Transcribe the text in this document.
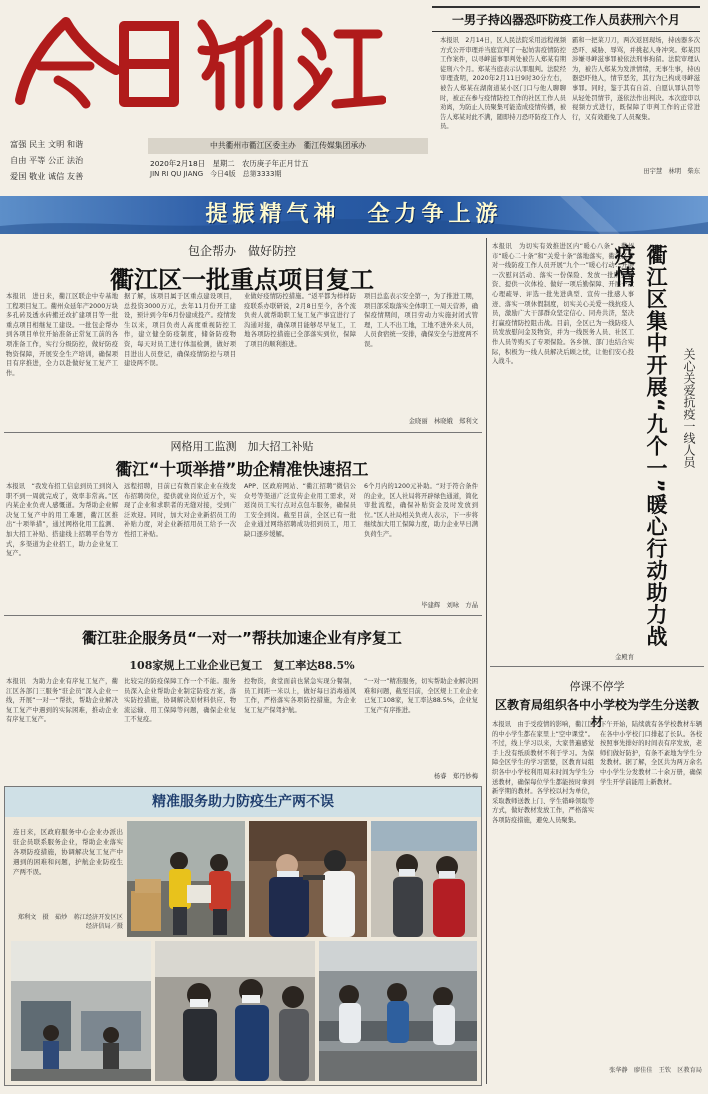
富强 民主 文明 和谐
自由 平等 公正 法治
爱国 敬业 诚信 友善
中共衢州市衢江区委主办　衢江传媒集团承办
2020年2月18日　星期二　农历庚子年正月廿五
JIN RI QU JIANG　今日4版　总第3333期
一男子持凶器恐吓防疫工作人员获刑六个月
本报讯　2月14日，区人民法院采用远程视频方式公开审理并当庭宣判了一起妨害疫情防控工作案件，以寻衅滋事罪判处被告人郑某有期徒刑六个月。郑某当庭表示认罪服判。法院经审理查明，2020年2月11日9时30分左右，被告人郑某在湖南道某小区门口与他人聊聊时，被正在参与疫情防控工作的社区工作人员劝离，为防止人员聚集可能造成疫情传播，被告人郑某对此不满，随即持刀恐吓防疫工作人员。
霸和一把菜刀刀，两次返回现场，持凶器多次恐吓、威胁、辱骂，并挑起人身冲突。郑某因涉嫌寻衅滋事罪被依法刑事拘留。法院审理认为，被告人郑某为发泄情绪，无事生事，持凶器恐吓他人，情节恶劣，其行为已构成寻衅滋事罪。同时，鉴于其有自首、自愿认罪认罚等从轻处罚情节，遂依法作出判决。本次庭审以视频方式进行，既保障了审判工作的正常进行，又有效避免了人员聚集。
田宇慧　林明　柴东
提振精气神　全力争上游
包企帮办　做好防控
衢江区一批重点项目复工
本报讯　进日来，衢江区联企中专基地工程项目复工。衢州众延年产2000万块多孔砖及透水砖搬迁改扩建项目等一批重点项目相继复工建设。一批包企帮办到各项目单位开始准备正常复工前的各项准备工作，实行分级防控，做好防疫物资保障，开展安全生产培训，确保项目有序推进，全力以赴做好复工复产工作。
据了解，该项目属于区重点建设项目，总投资3000万元，去年11月份开工建设，预计到今年6月份建成投产。疫情发生以来，项目负责人高度重视防控工作，建立健全防疫制度，储备防疫物资，每天对员工进行体温检测，做好项目进出人员登记，确保疫情防控与项目建设两不误。
业做好疫情防控措施。“返平都为样样防疫联系办联研说，2月8日至今，各个流负责人就帮助职工复工复产事宜进行了沟通对接，确保项目能够尽早复工，工地各项防控措施已全部落实到位，保障了项目的顺利推进。
项目总监表示安全第一，为了推进工期，项目部采取落实全体职工一周天营养，确保疫情期间，项目劳动力实施封闭式管理，工人不出工地，工地不进外来人员，人员食宿统一安排，确保安全与进度两不误。
金晓丽　林晓娥　郑利文
网格用工监测　加大招工补贴
衢江“十项举措”助企精准快速招工
本报讯　“我发布招工信息到员工到岗入职不到一周就完成了，效率非常高。”区内某企业负责人感慨道。为帮助企业解决复工复产中的用工难题，衢江区推出“十项举措”，通过网格化用工监测、加大招工补贴、搭建线上招聘平台等方式，多渠道为企业招工，助力企业复工复产。
远程招聘，目前已有数百家企业在线发布招聘岗位，提供就业岗位近万个，实现了企业和求职者的无缝对接，受到广泛欢迎。同时，加大对企业新招员工的补贴力度，对企业新招用员工给予一次性招工补贴。
APP、区政府网站、“衢江招聘”微信公众号等渠道广泛宣传企业用工需求，对返岗员工实行点对点包车服务，确保员工安全到岗。截至目前，全区已有一批企业通过网络招聘成功招到员工，用工缺口逐步缓解。
6个月内的1200元补助。“对于符合条件的企业，区人社局将开辟绿色通道，简化审批流程，确保补贴资金及时发放到位。”区人社局相关负责人表示，下一步将继续加大用工保障力度，助力企业早日满负荷生产。
毕建辉　刘咏　方晶
衢江驻企服务员“一对一”帮扶加速企业有序复工
108家规上工业企业已复工　复工率达88.5%
本报讯　为助力企业有序复工复产，衢江区各部门三服务“驻企员”深入企业一线，开展“一对一”帮扶，帮助企业解决复工复产中遇到的实际困难，推动企业有序复工复产。
比较完的防疫保障工作一个不能。服务员深入企业帮助企业制定防疫方案，落实防控措施，协调解决原材料供应、物流运输、用工保障等问题，确保企业复工不复疫。
控物资，食堂面前也紧急实现分餐制，员工间距一米以上，做好每日消毒通风工作，严格落实各项防控措施，为企业复工复产保驾护航。
“一对一”精准服务，切实帮助企业解决困难和问题，截至目前，全区规上工业企业已复工108家，复工率达88.5%，企业复工复产有序推进。
杨睿　郑丹妙梅
精准服务助力防疫生产两不误
连日来，区政府服务中心企业办派出驻企员联系服务企业，帮助企业落实各项防疫措施，协调解决复工复产中遇到的困难和问题，护航企业防疫生产两不误。
郑利文　摄　茹炒　蒋江经济开发区区经济信局／摄
本报讯　为切实有效推进区内“暖心八条”，衢州市“暖心二十条”和“关爱十条”落地落实，衢江区针对一线防疫工作人员开展“九个一”暖心行动：开展一次慰问活动、落实一份保险、发放一批防护物资、提供一次体检、做好一项后勤保障、开展一次心理疏导、评选一批先进典型、宣传一批感人事迹、落实一项休假制度，切实关心关爱一线抗疫人员，激励广大干部群众坚定信心、同舟共济，坚决打赢疫情防控阻击战。目前，全区已为一线防疫人员发放慰问金及物资，并为一线医务人员、社区工作人员等购买了专项保险。各乡镇、部门也结合实际，积极为一线人员解决后顾之忧，让他们安心投入战斗。
金殿育
衢江区集中开展“九个一”暖心行动助力战疫情
关心关爱抗疫一线人员
停课不停学
区教育局组织各中小学校为学生分送教材
本报讯　由于受疫情的影响，衢江区的中小学生都在家里上“空中课堂”。不过，线上学习以来，大家普遍感觉手上没有纸质教材不利于学习。为保障全区学生的学习需要，区教育局组织各中小学校利用周末时间为学生分送教材，确保每位学生都能按时拿到新学期的教材。各学校以村为单位，采取教师送教上门、学生错峰领取等方式，做好教材发放工作，严格落实各项防疫措施，避免人员聚集。
下午开始，陆续就有各学校教材车辆在各中小学校门口排起了长队。各校按照事先排好的时间表有序发放，老师们做好防护，有条不紊地为学生分发教材。据了解，全区共为两万余名中小学生分发教材二十余万册，确保学生开学前能用上新教材。
张华静　廖佳佳　王钦　区教育局
